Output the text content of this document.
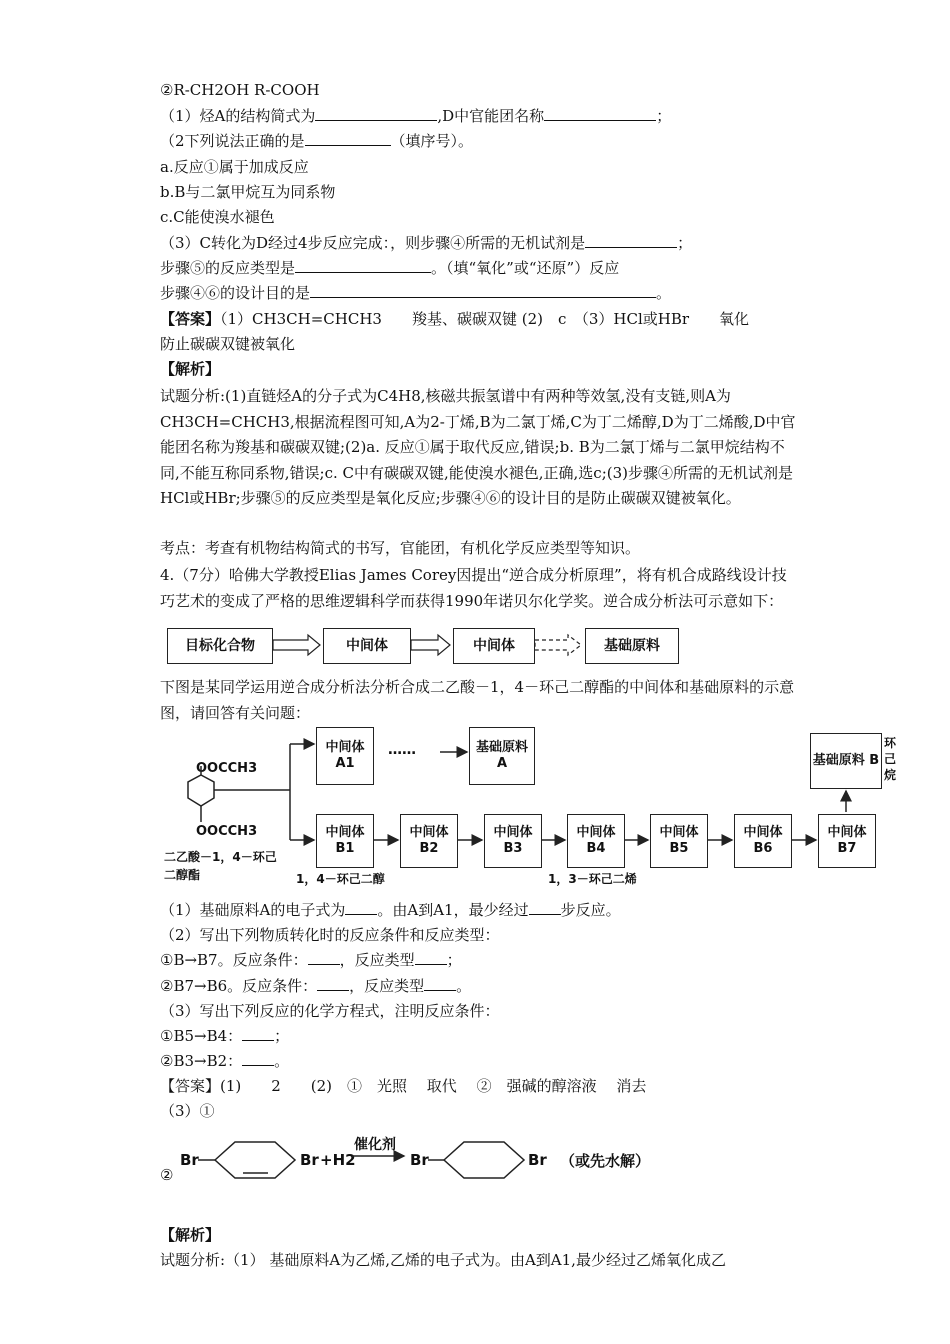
②R-CH2OH R-COOH
（1）烃A的结构简式为	,D中官能团名称	；
（2下列说法正确的是	（填序号）。
a.反应①属于加成反应
b.B与二氯甲烷互为同系物
c.C能使溴水褪色
（3）C转化为D经过4步反应完成：，则步骤④所需的无机试剂是	；
步骤⑤的反应类型是	。（填“氧化”或“还原”）反应
步骤④⑥的设计目的是	。
【答案】（1）CH3CH=CHCH3　　羧基、碳碳双键 (2)　c　（3）HCl或HBr　　氧化
防止碳碳双键被氧化
【解析】
试题分析:(1)直链烃A的分子式为C4H8,核磁共振氢谱中有两种等效氢,没有支链,则A为CH3CH=CHCH3,根据流程图可知,A为2-丁烯,B为二氯丁烯,C为丁二烯醇,D为丁二烯酸,D中官能团名称为羧基和碳碳双键;(2)a. 反应①属于取代反应,错误;b. B为二氯丁烯与二氯甲烷结构不同,不能互称同系物,错误;c. C中有碳碳双键,能使溴水褪色,正确,选c;(3)步骤④所需的无机试剂是HCl或HBr;步骤⑤的反应类型是氧化反应;步骤④⑥的设计目的是防止碳碳双键被氧化。
考点：考查有机物结构简式的书写，官能团，有机化学反应类型等知识。
4.（7分）哈佛大学教授Elias James Corey因提出“逆合成分析原理”，将有机合成路线设计技巧艺术的变成了严格的思维逻辑科学而获得1990年诺贝尔化学奖。逆合成分析法可示意如下：
目标化合物	中间体	中间体	基础原料
下图是某同学运用逆合成分析法分析合成二乙酸－1，4－环己二醇酯的中间体和基础原料的示意图，请回答有关问题：
中间体A1
……	基础原料 A	基础原料 B
环己烷
中间体B1
中间体B2
中间体B3
中间体B4
中间体B5
中间体B6
中间体B7
OOCCH3
OOCCH3
二乙酸－1，4－环己二醇酯	1，4－环己二醇	1，3－环己二烯
（1）基础原料A的电子式为 。由A到A1，最少经过 步反应。
（2）写出下列物质转化时的反应条件和反应类型：
①B→B7。反应条件： ，反应类型 ；
②B7→B6。反应条件： ，反应类型 。
（3）写出下列反应的化学方程式，注明反应条件：
①B5→B4： ；
②B3→B2： 。
【答案】(1)　　2　　(2)　①　光照　 取代　 ②　强碱的醇溶液　 消去
（3）①
②
Br	Br +H2
催化剂
Br	Br （或先水解）
【解析】
试题分析:（1） 基础原料A为乙烯,乙烯的电子式为。由A到A1,最少经过乙烯氧化成乙
